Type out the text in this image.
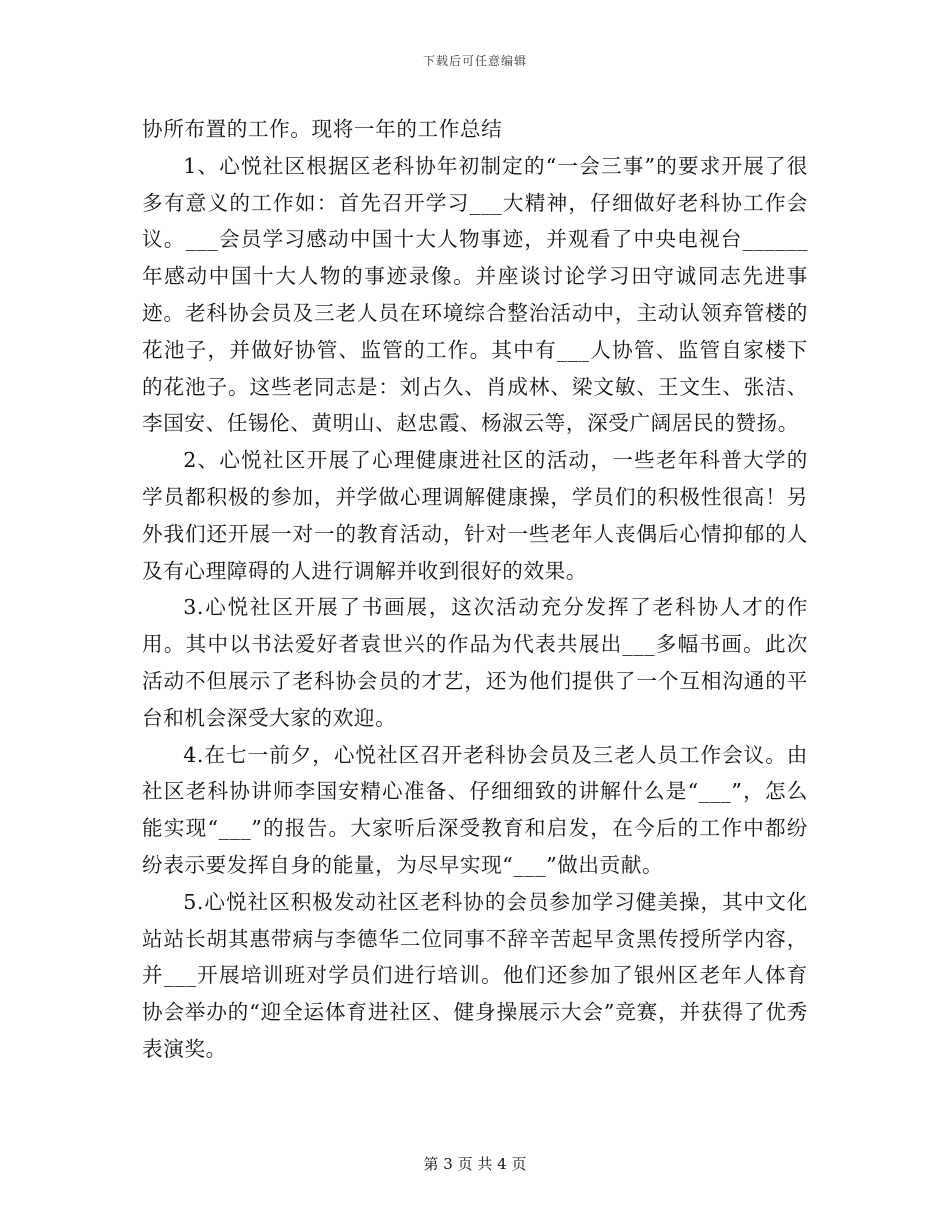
下载后可任意编辑

协所布置的工作。现将一年的工作总结

1、心悦社区根据区老科协年初制定的“一会三事”的要求开展了很多有意义的工作如：首先召开学习___大精神，仔细做好老科协工作会议。___会员学习感动中国十大人物事迹，并观看了中央电视台______年感动中国十大人物的事迹录像。并座谈讨论学习田守诚同志先进事迹。老科协会员及三老人员在环境综合整治活动中，主动认领弃管楼的花池子，并做好协管、监管的工作。其中有___人协管、监管自家楼下的花池子。这些老同志是：刘占久、肖成林、梁文敏、王文生、张洁、李国安、任锡伦、黄明山、赵忠霞、杨淑云等，深受广阔居民的赞扬。

2、心悦社区开展了心理健康进社区的活动，一些老年科普大学的学员都积极的参加，并学做心理调解健康操，学员们的积极性很高！另外我们还开展一对一的教育活动，针对一些老年人丧偶后心情抑郁的人及有心理障碍的人进行调解并收到很好的效果。

3.心悦社区开展了书画展，这次活动充分发挥了老科协人才的作用。其中以书法爱好者袁世兴的作品为代表共展出___多幅书画。此次活动不但展示了老科协会员的才艺，还为他们提供了一个互相沟通的平台和机会深受大家的欢迎。

4.在七一前夕，心悦社区召开老科协会员及三老人员工作会议。由社区老科协讲师李国安精心准备、仔细细致的讲解什么是“___”，怎么能实现“___”的报告。大家听后深受教育和启发，在今后的工作中都纷纷表示要发挥自身的能量，为尽早实现“___”做出贡献。

5.心悦社区积极发动社区老科协的会员参加学习健美操，其中文化站站长胡其惠带病与李德华二位同事不辞辛苦起早贪黑传授所学内容，并___开展培训班对学员们进行培训。他们还参加了银州区老年人体育协会举办的“迎全运体育进社区、健身操展示大会”竞赛，并获得了优秀表演奖。

第 3 页 共 4 页
